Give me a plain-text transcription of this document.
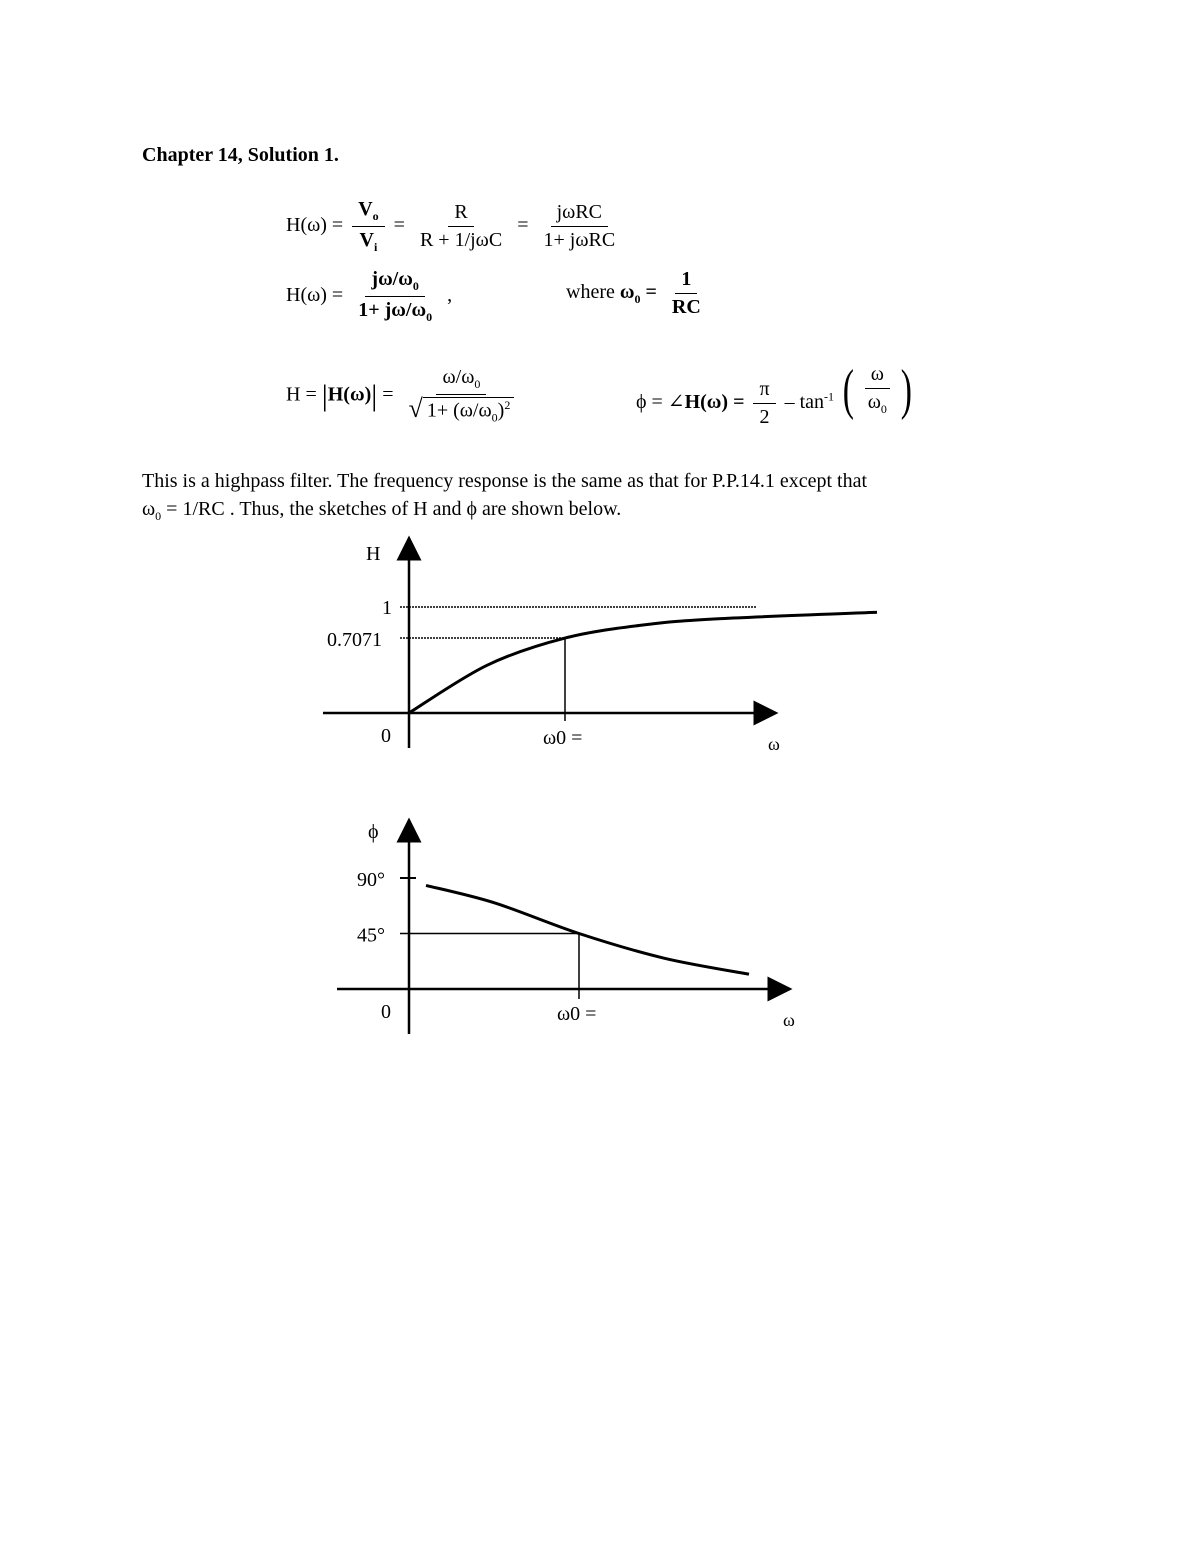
Chapter 14, Solution 1.
$H(\omega) = \frac{V_o}{V_i} = \frac{R}{\text{R + 1/jωC}} = \frac{\text{jωRC}}{\text{1+ jωRC}}$
$H(\omega) = \frac{j\omega/\omega_0}{1+ j\omega/\omega_0}$ ,	where $\omega_0 = \frac{1}{RC}$
$H = |H(\omega)| = \frac{\omega/\omega_0}{√ 1+ (\omega/\omega_0)^2}$	ϕ = ∠H(ω) = $\frac{\pi}{2} - \tan^{-1}$ ( $\frac{\omega}{\omega_0}$ )
This is a highpass filter. The frequency response is the same as that for P.P.14.1 except that
$\omega_0 = 1/RC$ . Thus, the sketches of H and ϕ are shown below.
H
1
0.7071
0	ω0 =	ω
ϕ
90°
45°
0	ω0 =	ω
